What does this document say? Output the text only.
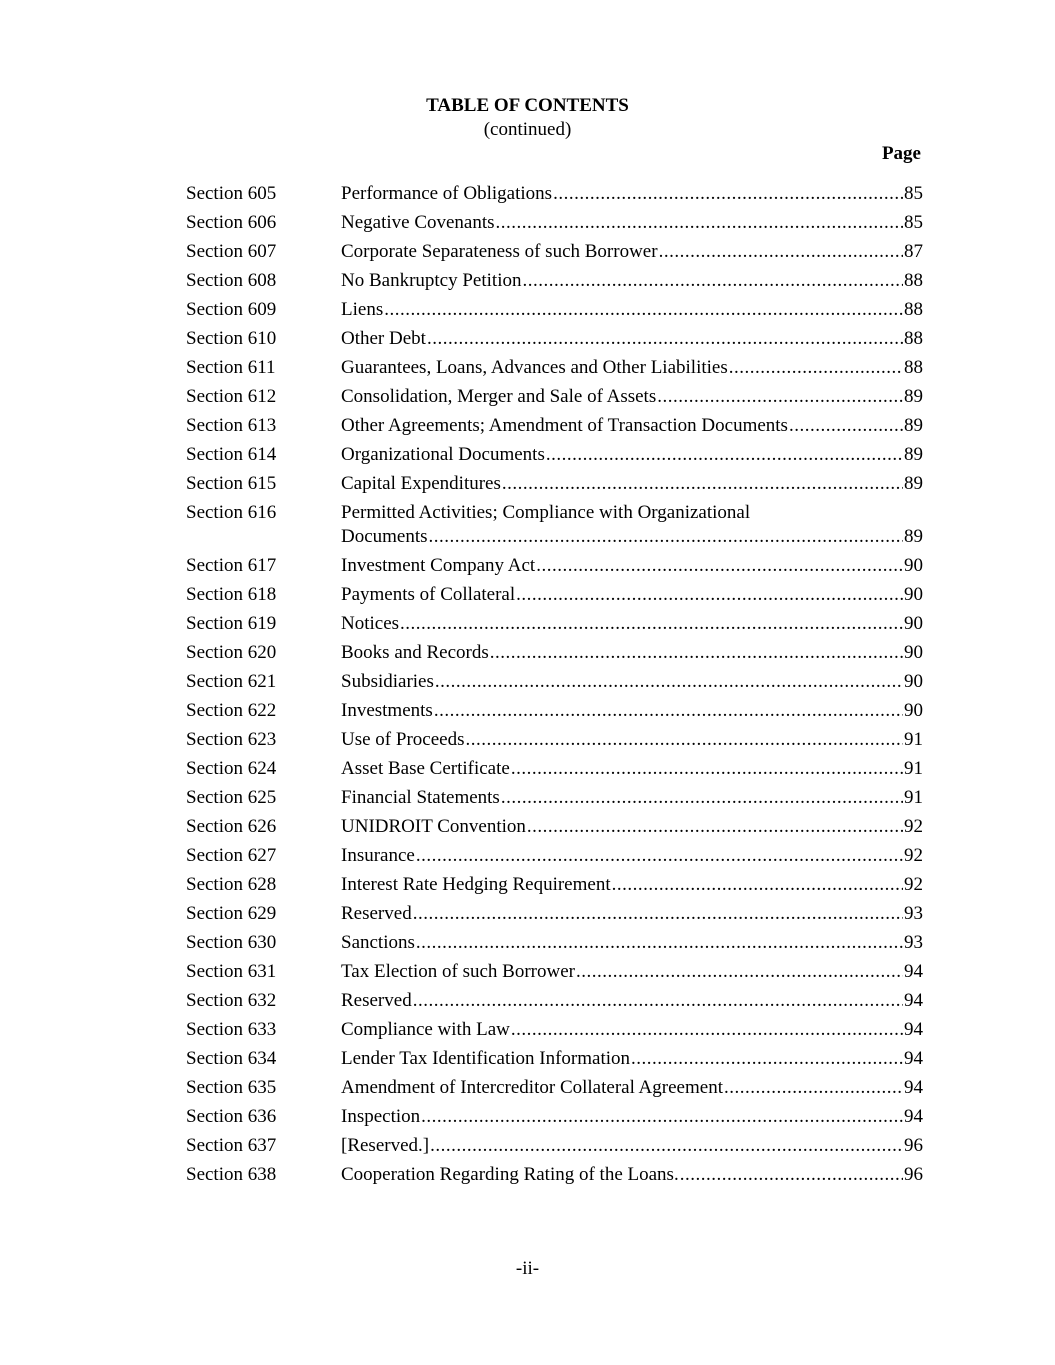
TABLE OF CONTENTS
(continued)
Page
Section 605	Performance of Obligations .....	85
Section 606	Negative Covenants .....	85
Section 607	Corporate Separateness of such Borrower .....	87
Section 608	No Bankruptcy Petition .....	88
Section 609	Liens .....	88
Section 610	Other Debt .....	88
Section 611	Guarantees, Loans, Advances and Other Liabilities .....	88
Section 612	Consolidation, Merger and Sale of Assets .....	89
Section 613	Other Agreements; Amendment of Transaction Documents .....	89
Section 614	Organizational Documents .....	89
Section 615	Capital Expenditures .....	89
Section 616	Permitted Activities; Compliance with Organizational
Documents .....	89
Section 617	Investment Company Act .....	90
Section 618	Payments of Collateral .....	90
Section 619	Notices .....	90
Section 620	Books and Records .....	90
Section 621	Subsidiaries .....	90
Section 622	Investments .....	90
Section 623	Use of Proceeds .....	91
Section 624	Asset Base Certificate .....	91
Section 625	Financial Statements .....	91
Section 626	UNIDROIT Convention .....	92
Section 627	Insurance .....	92
Section 628	Interest Rate Hedging Requirement .....	92
Section 629	Reserved .....	93
Section 630	Sanctions .....	93
Section 631	Tax Election of such Borrower .....	94
Section 632	Reserved .....	94
Section 633	Compliance with Law .....	94
Section 634	Lender Tax Identification Information .....	94
Section 635	Amendment of Intercreditor Collateral Agreement .....	94
Section 636	Inspection .....	94
Section 637	[Reserved.] .....	96
Section 638	Cooperation Regarding Rating of the Loans. .....	96
-ii-
